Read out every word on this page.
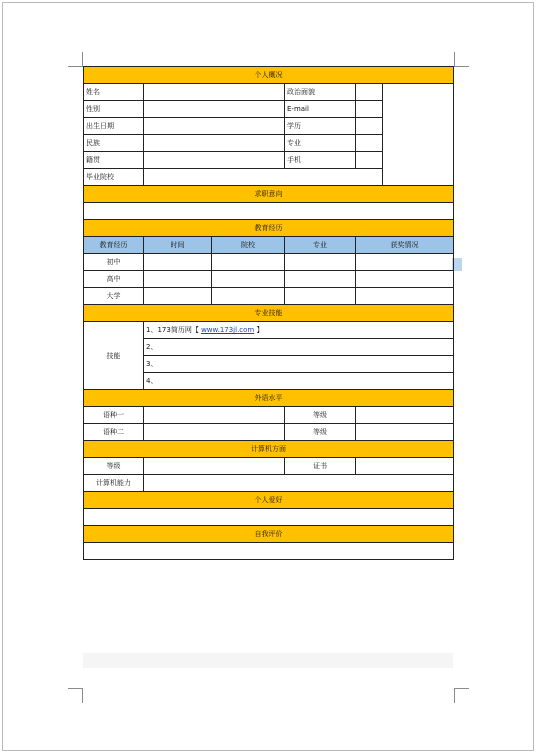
个人概况					
姓名			政治面貌		
性别			E-mail		
出生日期			学历		
民族			专业		
籍贯			手机		
毕业院校					
求职意向					

教育经历					
教育经历	时间	院校	专业	获奖情况	
初中					
高中					
大学					
专业技能					
技能	1、173简历网【 www.173jl.com 】				
	2、				
	3、				
	4、				
外语水平					
语种一			等级		
语种二			等级		
计算机方面					
等级			证书		
计算机能力					
个人爱好					

自我评价					
